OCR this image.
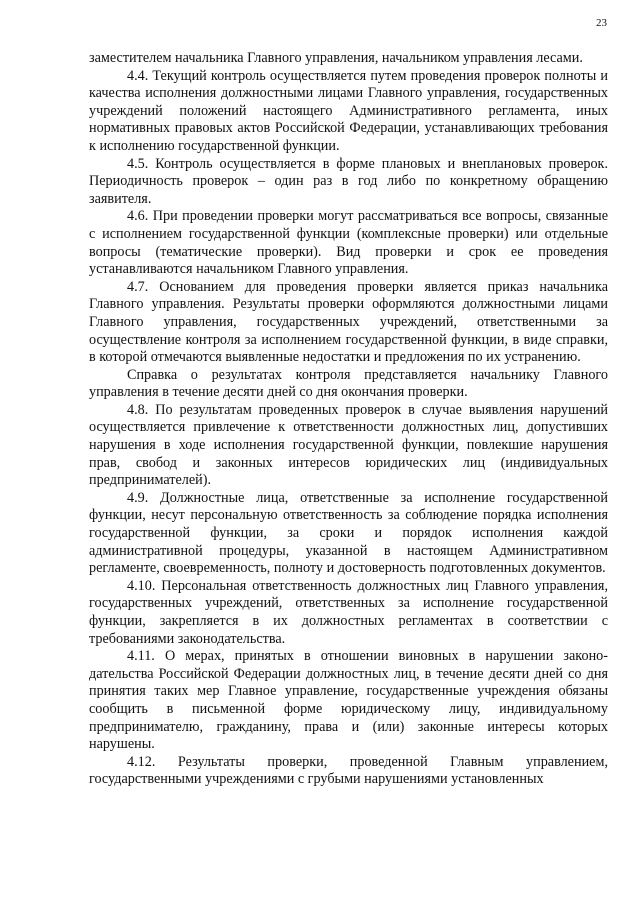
23

заместителем начальника Главного управления, начальником управления лесами.

4.4. Текущий контроль осуществляется путем проведения проверок полноты и качества исполнения должностными лицами Главного управления, государственных учреждений положений настоящего Административного регламента, иных нормативных правовых актов Российской Федерации, устанавливающих требования к исполнению государственной функции.

4.5. Контроль осуществляется в форме плановых и внеплановых проверок. Периодичность проверок – один раз в год либо по конкретному обращению заявителя.

4.6. При проведении проверки могут рассматриваться все вопросы, связанные с исполнением государственной функции (комплексные проверки) или отдельные вопросы (тематические проверки). Вид проверки и срок ее проведения устанавливаются начальником Главного управления.

4.7. Основанием для проведения проверки является приказ начальника Главного управления. Результаты проверки оформляются должностными лицами Главного управления, государственных учреждений, ответственными за осуществление контроля за исполнением государственной функции, в виде справки, в которой отмечаются выявленные недостатки и предложения по их устранению.

Справка о результатах контроля представляется начальнику Главного управления в течение десяти дней со дня окончания проверки.

4.8. По результатам проведенных проверок в случае выявления нарушений осуществляется привлечение к ответственности должностных лиц, допустивших нарушения в ходе исполнения государственной функции, повлекшие нарушения прав, свобод и законных интересов юридических лиц (индивидуальных предпринимателей).

4.9. Должностные лица, ответственные за исполнение государственной функции, несут персональную ответственность за соблюдение порядка исполнения государственной функции, за сроки и порядок исполнения каждой административной процедуры, указанной в настоящем Административном регламенте, своевременность, полноту и достоверность подготовленных документов.

4.10. Персональная ответственность должностных лиц Главного управления, государственных учреждений, ответственных за исполнение государственной функции, закрепляется в их должностных регламентах в соответствии с требованиями законодательства.

4.11. О мерах, принятых в отношении виновных в нарушении законодательства Российской Федерации должностных лиц, в течение десяти дней со дня принятия таких мер Главное управление, государственные учреждения обязаны сообщить в письменной форме юридическому лицу, индивидуальному предпринимателю, гражданину, права и (или) законные интересы которых нарушены.

4.12. Результаты проверки, проведенной Главным управлением, государственными учреждениями с грубыми нарушениями установленных
